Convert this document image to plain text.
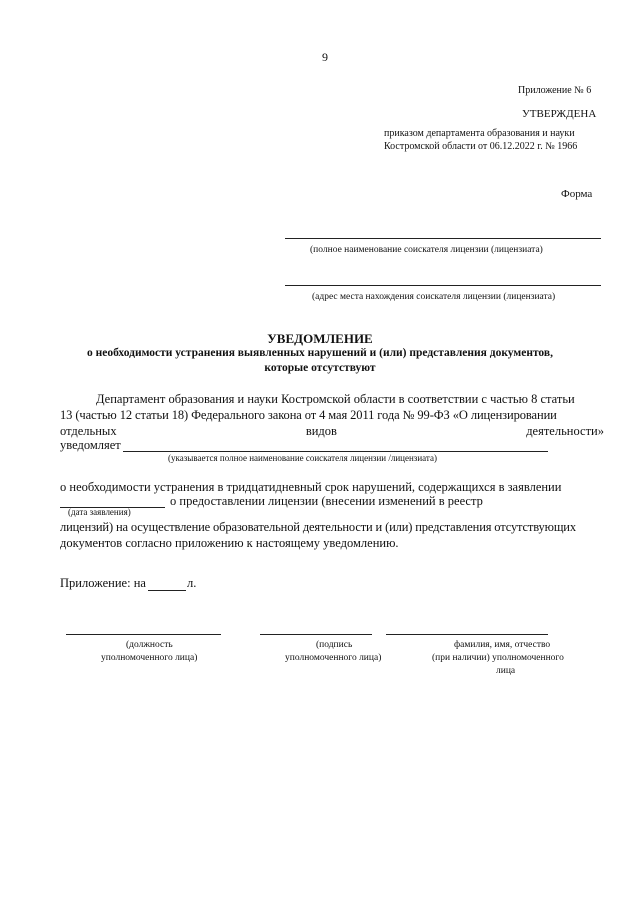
9
Приложение № 6
УТВЕРЖДЕНА
приказом департамента образования и науки
Костромской области от 06.12.2022 г. № 1966
Форма
(полное наименование соискателя лицензии (лицензиата)
(адрес места нахождения соискателя лицензии (лицензиата)
УВЕДОМЛЕНИЕ
о необходимости устранения выявленных нарушений и (или) представления документов,
которые отсутствуют
Департамент образования и науки Костромской области в соответствии с частью 8 статьи
13 (частью 12 статьи 18) Федерального закона от 4 мая 2011 года № 99-ФЗ «О лицензировании
отдельных	видов	деятельности»
уведомляет
(указывается полное наименование соискателя лицензии /лицензиата)
о необходимости устранения в тридцатидневный срок нарушений, содержащихся в заявлении
о предоставлении лицензии (внесении изменений в реестр
(дата заявления)
лицензий) на осуществление образовательной деятельности и (или) представления отсутствующих
документов согласно приложению к настоящему уведомлению.
Приложение: на	л.
(должность
уполномоченного лица)
(подпись
уполномоченного лица)
фамилия, имя, отчество
(при наличии) уполномоченного
лица
